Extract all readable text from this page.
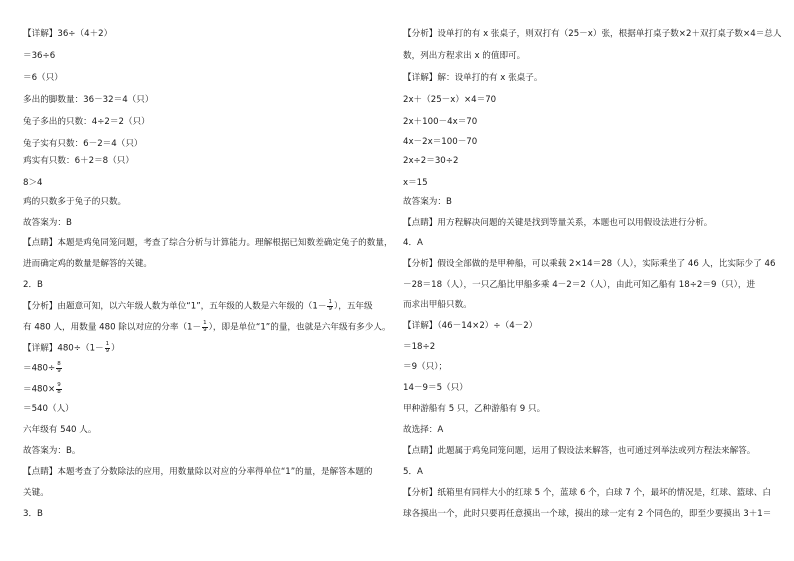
【详解】36÷（4＋2）
＝36÷6
＝6（只）
多出的脚数量：36－32＝4（只）
兔子多出的只数：4÷2＝2（只）
兔子实有只数：6－2＝4（只）
鸡实有只数：6＋2＝8（只）
8＞4
鸡的只数多于兔子的只数。
故答案为：B
【点睛】本题是鸡兔同笼问题，考查了综合分析与计算能力。理解根据已知数差确定兔子的数量，
进而确定鸡的数量是解答的关键。
2．B
【分析】由题意可知，以六年级人数为单位“1”，五年级的人数是六年级的（$1- \frac{1}{9}$ ），五年级
有 480 人，用数量 480 除以对应的分率（$1- \frac{1}{9}$ ），即是单位“1”的量，也就是六年级有多少人。
【详解】$480\div(1- \frac{1}{9}$ ）
$=480\div \frac{8}{9}$
$=480\times \frac{9}{8}$
＝540（人）
六年级有 540 人。
故答案为：B。
【点睛】本题考查了分数除法的应用，用数量除以对应的分率得单位“1”的量，是解答本题的
关键。
3．B
【分析】设单打的有 x 张桌子，则双打有（25－x）张，根据单打桌子数×2＋双打桌子数×4＝总人
数，列出方程求出 x 的值即可。
【详解】解：设单打的有 x 张桌子。
2x＋（25－x）×4＝70
2x＋100－4x＝70
4x－2x＝100－70
2x÷2＝30÷2
x＝15
故答案为：B
【点睛】用方程解决问题的关键是找到等量关系，本题也可以用假设法进行分析。
4．A
【分析】假设全部做的是甲种船，可以乘载 2×14＝28（人），实际乘坐了 46 人，比实际少了 46
－28＝18（人），一只乙船比甲船多乘 4－2＝2（人），由此可知乙船有 18÷2＝9（只），进
而求出甲船只数。
【详解】（46－14×2）÷（4－2）
＝18÷2
＝9（只）；
14－9＝5（只）
甲种游船有 5 只，乙种游船有 9 只。
故选择：A
【点睛】此题属于鸡兔同笼问题，运用了假设法来解答，也可通过列举法或列方程法来解答。
5．A
【分析】纸箱里有同样大小的红球 5 个，蓝球 6 个，白球 7 个，最坏的情况是，红球、篮球、白
球各摸出一个，此时只要再任意摸出一个球，摸出的球一定有 2 个同色的，即至少要摸出 3＋1＝
